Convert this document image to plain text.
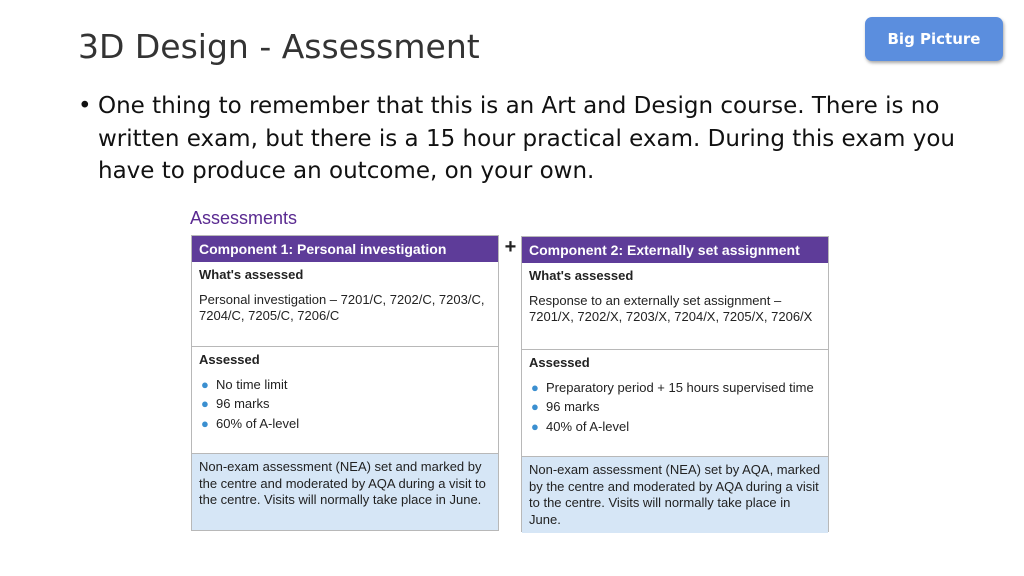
Big Picture
3D Design - Assessment
• One thing to remember that this is an Art and Design course. There is no written exam, but there is a 15 hour practical exam. During this exam you have to produce an outcome, on your own.
Assessments
+
Component 1: Personal investigation
What's assessed
Personal investigation – 7201/C, 7202/C, 7203/C, 7204/C, 7205/C, 7206/C
Assessed
● No time limit
● 96 marks
● 60% of A-level
Non-exam assessment (NEA) set and marked by the centre and moderated by AQA during a visit to the centre. Visits will normally take place in June.
Component 2: Externally set assignment
What's assessed
Response to an externally set assignment – 7201/X, 7202/X, 7203/X, 7204/X, 7205/X, 7206/X
Assessed
● Preparatory period + 15 hours supervised time
● 96 marks
● 40% of A-level
Non-exam assessment (NEA) set by AQA, marked by the centre and moderated by AQA during a visit to the centre. Visits will normally take place in June.
